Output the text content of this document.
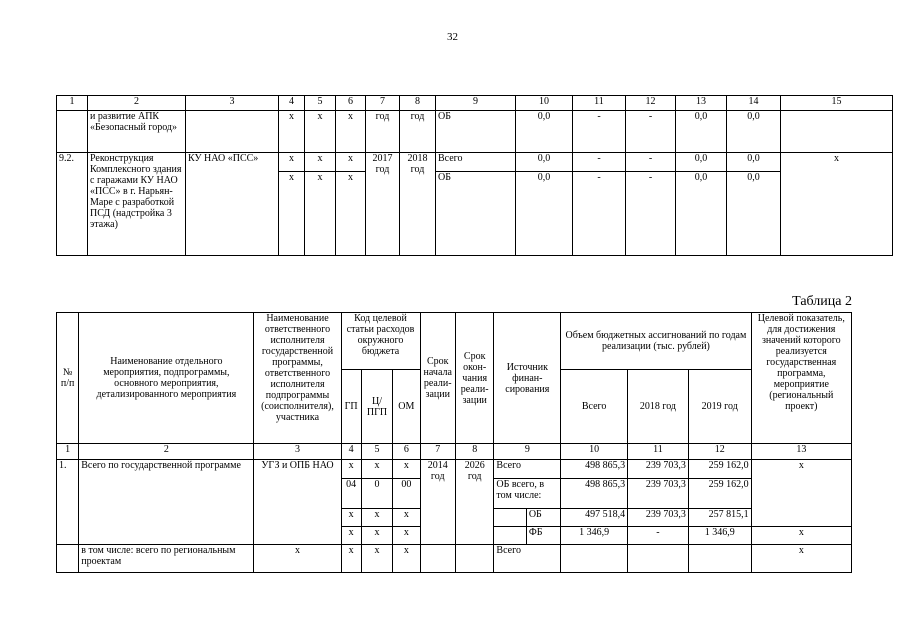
32
1	2	3	4	5	6	7	8	9	10	11	12	13	14	15
	и развитие АПК «Безопасный город»		х	х	х	год	год	ОБ	0,0	-	-	0,0	0,0	
9.2.	Реконструкция Комплексного здания с гаражами КУ НАО «ПСС» в г. Нарьян-Маре с разработкой ПСД (надстройка 3 этажа)	КУ НАО «ПСС»	х	х	х	2017 год	2018 год	Всего	0,0	-	-	0,0	0,0	х
			х	х	х			ОБ	0,0	-	-	0,0	0,0	
Таблица 2
№ п/п	Наименование отдельного мероприятия, подпрограммы, основного мероприятия, детализированного мероприятия	Наименование ответственного исполнителя государственной программы, ответственного исполнителя подпрограммы (соисполнителя), участника	Код целевой статьи расходов окружного бюджета			Срок начала реали- зации	Срок окон- чания реали- зации	Источник финан- сирования		Объем бюджетных ассигнований по годам реализации (тыс. рублей)			Целевой показатель, для достижения значений которого реализуется государственная программа, мероприятие (региональный проект)
			ГП	Ц/ ПГП	ОМ					Всего	2018 год	2019 год	
1	2	3	4	5	6	7	8	9		10	11	12	13
1.	Всего по государственной программе	УГЗ и ОПБ НАО	х	х	х	2014 год	2026 год	Всего		498 865,3	239 703,3	259 162,0	х
			04	0	00			ОБ всего, в том числе:		498 865,3	239 703,3	259 162,0	
			х	х	х				ОБ	497 518,4	239 703,3	257 815,1	
			х	х	х				ФБ	1 346,9	-	1 346,9	х
	в том числе: всего по региональным проектам	х	х	х	х			Всего					х
